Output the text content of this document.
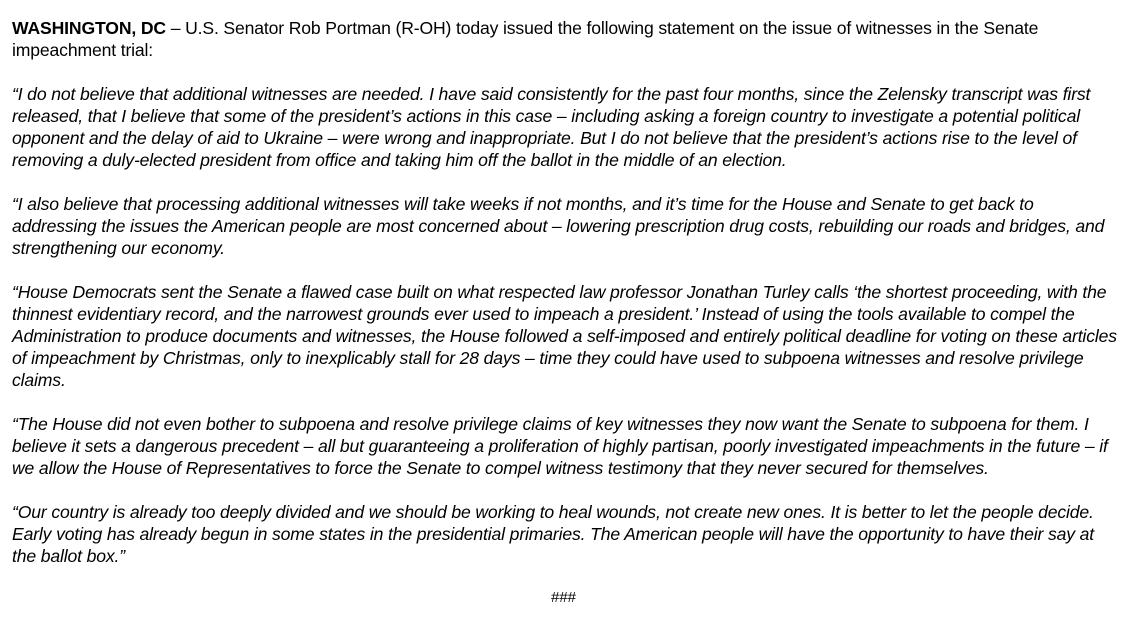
WASHINGTON, DC – U.S. Senator Rob Portman (R-OH) today issued the following statement on the issue of witnesses in the Senate impeachment trial:

“I do not believe that additional witnesses are needed. I have said consistently for the past four months, since the Zelensky transcript was first released, that I believe that some of the president’s actions in this case – including asking a foreign country to investigate a potential political opponent and the delay of aid to Ukraine – were wrong and inappropriate. But I do not believe that the president’s actions rise to the level of removing a duly-elected president from office and taking him off the ballot in the middle of an election.

“I also believe that processing additional witnesses will take weeks if not months, and it’s time for the House and Senate to get back to addressing the issues the American people are most concerned about – lowering prescription drug costs, rebuilding our roads and bridges, and strengthening our economy.

“House Democrats sent the Senate a flawed case built on what respected law professor Jonathan Turley calls ‘the shortest proceeding, with the thinnest evidentiary record, and the narrowest grounds ever used to impeach a president.’ Instead of using the tools available to compel the Administration to produce documents and witnesses, the House followed a self-imposed and entirely political deadline for voting on these articles of impeachment by Christmas, only to inexplicably stall for 28 days – time they could have used to subpoena witnesses and resolve privilege claims.

“The House did not even bother to subpoena and resolve privilege claims of key witnesses they now want the Senate to subpoena for them. I believe it sets a dangerous precedent – all but guaranteeing a proliferation of highly partisan, poorly investigated impeachments in the future – if we allow the House of Representatives to force the Senate to compel witness testimony that they never secured for themselves.

“Our country is already too deeply divided and we should be working to heal wounds, not create new ones. It is better to let the people decide. Early voting has already begun in some states in the presidential primaries. The American people will have the opportunity to have their say at the ballot box.”

###
